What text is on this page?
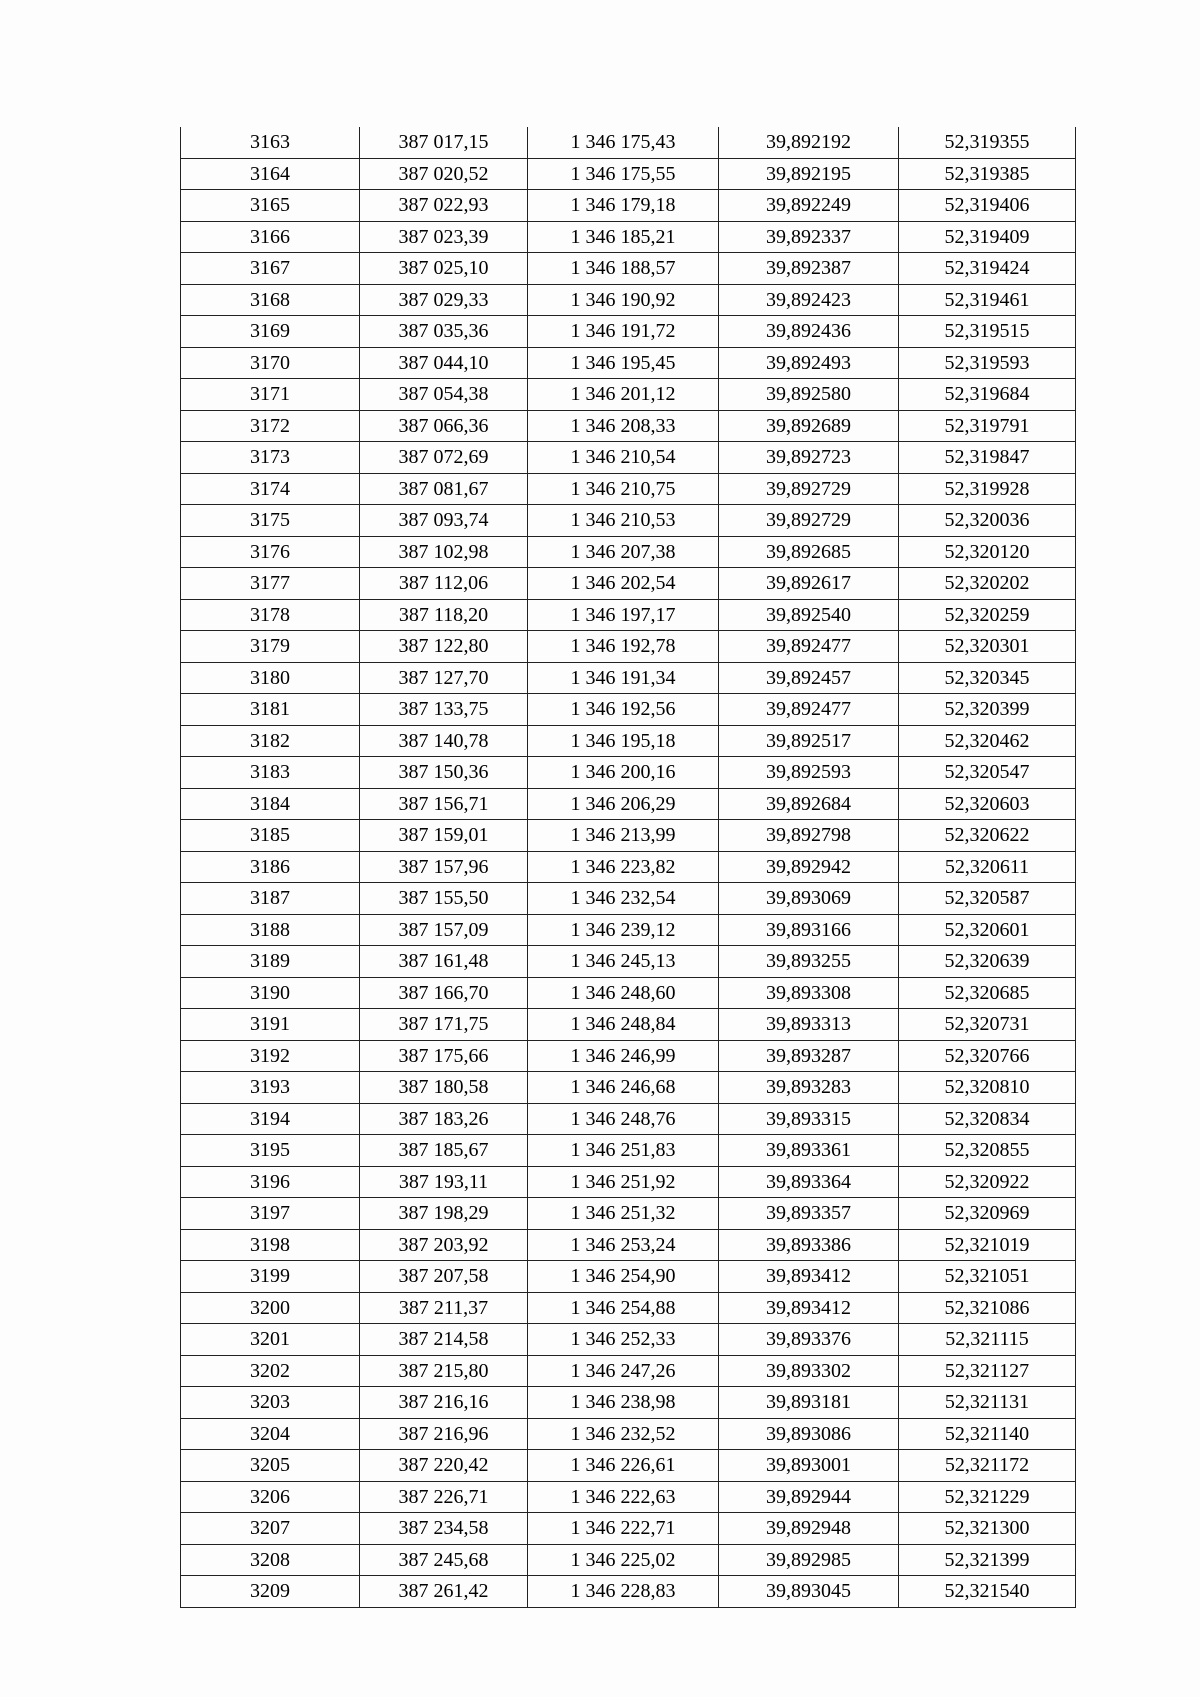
3163	387 017,15	1 346 175,43	39,892192	52,319355
3164	387 020,52	1 346 175,55	39,892195	52,319385
3165	387 022,93	1 346 179,18	39,892249	52,319406
3166	387 023,39	1 346 185,21	39,892337	52,319409
3167	387 025,10	1 346 188,57	39,892387	52,319424
3168	387 029,33	1 346 190,92	39,892423	52,319461
3169	387 035,36	1 346 191,72	39,892436	52,319515
3170	387 044,10	1 346 195,45	39,892493	52,319593
3171	387 054,38	1 346 201,12	39,892580	52,319684
3172	387 066,36	1 346 208,33	39,892689	52,319791
3173	387 072,69	1 346 210,54	39,892723	52,319847
3174	387 081,67	1 346 210,75	39,892729	52,319928
3175	387 093,74	1 346 210,53	39,892729	52,320036
3176	387 102,98	1 346 207,38	39,892685	52,320120
3177	387 112,06	1 346 202,54	39,892617	52,320202
3178	387 118,20	1 346 197,17	39,892540	52,320259
3179	387 122,80	1 346 192,78	39,892477	52,320301
3180	387 127,70	1 346 191,34	39,892457	52,320345
3181	387 133,75	1 346 192,56	39,892477	52,320399
3182	387 140,78	1 346 195,18	39,892517	52,320462
3183	387 150,36	1 346 200,16	39,892593	52,320547
3184	387 156,71	1 346 206,29	39,892684	52,320603
3185	387 159,01	1 346 213,99	39,892798	52,320622
3186	387 157,96	1 346 223,82	39,892942	52,320611
3187	387 155,50	1 346 232,54	39,893069	52,320587
3188	387 157,09	1 346 239,12	39,893166	52,320601
3189	387 161,48	1 346 245,13	39,893255	52,320639
3190	387 166,70	1 346 248,60	39,893308	52,320685
3191	387 171,75	1 346 248,84	39,893313	52,320731
3192	387 175,66	1 346 246,99	39,893287	52,320766
3193	387 180,58	1 346 246,68	39,893283	52,320810
3194	387 183,26	1 346 248,76	39,893315	52,320834
3195	387 185,67	1 346 251,83	39,893361	52,320855
3196	387 193,11	1 346 251,92	39,893364	52,320922
3197	387 198,29	1 346 251,32	39,893357	52,320969
3198	387 203,92	1 346 253,24	39,893386	52,321019
3199	387 207,58	1 346 254,90	39,893412	52,321051
3200	387 211,37	1 346 254,88	39,893412	52,321086
3201	387 214,58	1 346 252,33	39,893376	52,321115
3202	387 215,80	1 346 247,26	39,893302	52,321127
3203	387 216,16	1 346 238,98	39,893181	52,321131
3204	387 216,96	1 346 232,52	39,893086	52,321140
3205	387 220,42	1 346 226,61	39,893001	52,321172
3206	387 226,71	1 346 222,63	39,892944	52,321229
3207	387 234,58	1 346 222,71	39,892948	52,321300
3208	387 245,68	1 346 225,02	39,892985	52,321399
3209	387 261,42	1 346 228,83	39,893045	52,321540
